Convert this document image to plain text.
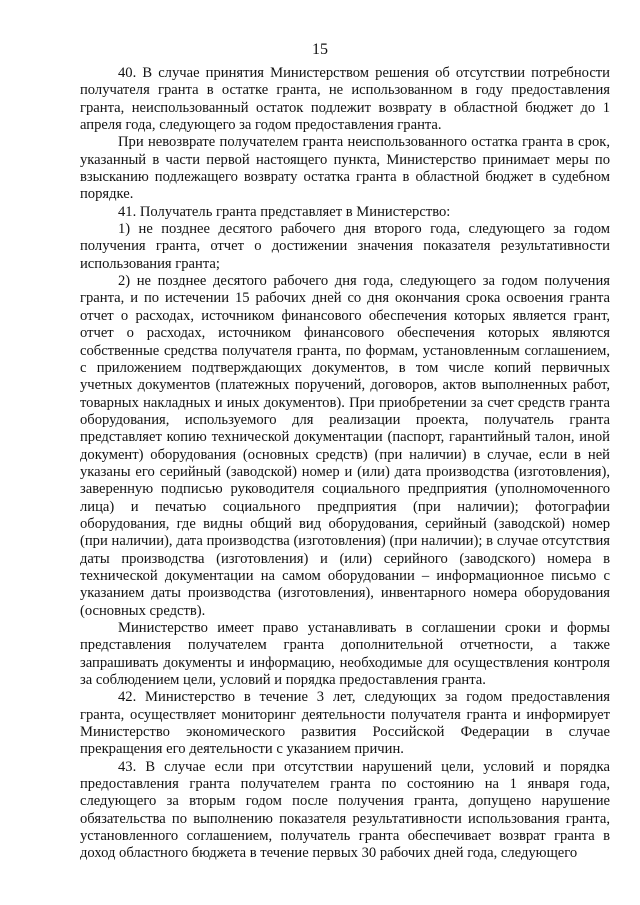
15

40. В случае принятия Министерством решения об отсутствии потребности получателя гранта в остатке гранта, не использованном в году предоставления гранта, неиспользованный остаток подлежит возврату в областной бюджет до 1 апреля года, следующего за годом предоставления гранта.

При невозврате получателем гранта неиспользованного остатка гранта в срок, указанный в части первой настоящего пункта, Министерство принимает меры по взысканию подлежащего возврату остатка гранта в областной бюджет в судебном порядке.

41. Получатель гранта представляет в Министерство:

1) не позднее десятого рабочего дня второго года, следующего за годом получения гранта, отчет о достижении значения показателя результативности использования гранта;

2) не позднее десятого рабочего дня года, следующего за годом получения гранта, и по истечении 15 рабочих дней со дня окончания срока освоения гранта отчет о расходах, источником финансового обеспечения которых является грант, отчет о расходах, источником финансового обеспечения которых являются собственные средства получателя гранта, по формам, установленным соглашением, с приложением подтверждающих документов, в том числе копий первичных учетных документов (платежных поручений, договоров, актов выполненных работ, товарных накладных и иных документов). При приобретении за счет средств гранта оборудования, используемого для реализации проекта, получатель гранта представляет копию технической документации (паспорт, гарантийный талон, иной документ) оборудования (основных средств) (при наличии) в случае, если в ней указаны его серийный (заводской) номер и (или) дата производства (изготовления), заверенную подписью руководителя социального предприятия (уполномоченного лица) и печатью социального предприятия (при наличии); фотографии оборудования, где видны общий вид оборудования, серийный (заводской) номер (при наличии), дата производства (изготовления) (при наличии); в случае отсутствия даты производства (изготовления) и (или) серийного (заводского) номера в технической документации на самом оборудовании – информационное письмо с указанием даты производства (изготовления), инвентарного номера оборудования (основных средств).

Министерство имеет право устанавливать в соглашении сроки и формы представления получателем гранта дополнительной отчетности, а также запрашивать документы и информацию, необходимые для осуществления контроля за соблюдением цели, условий и порядка предоставления гранта.

42. Министерство в течение 3 лет, следующих за годом предоставления гранта, осуществляет мониторинг деятельности получателя гранта и информирует Министерство экономического развития Российской Федерации в случае прекращения его деятельности с указанием причин.

43. В случае если при отсутствии нарушений цели, условий и порядка предоставления гранта получателем гранта по состоянию на 1 января года, следующего за вторым годом после получения гранта, допущено нарушение обязательства по выполнению показателя результативности использования гранта, установленного соглашением, получатель гранта обеспечивает возврат гранта в доход областного бюджета в течение первых 30 рабочих дней года, следующего
